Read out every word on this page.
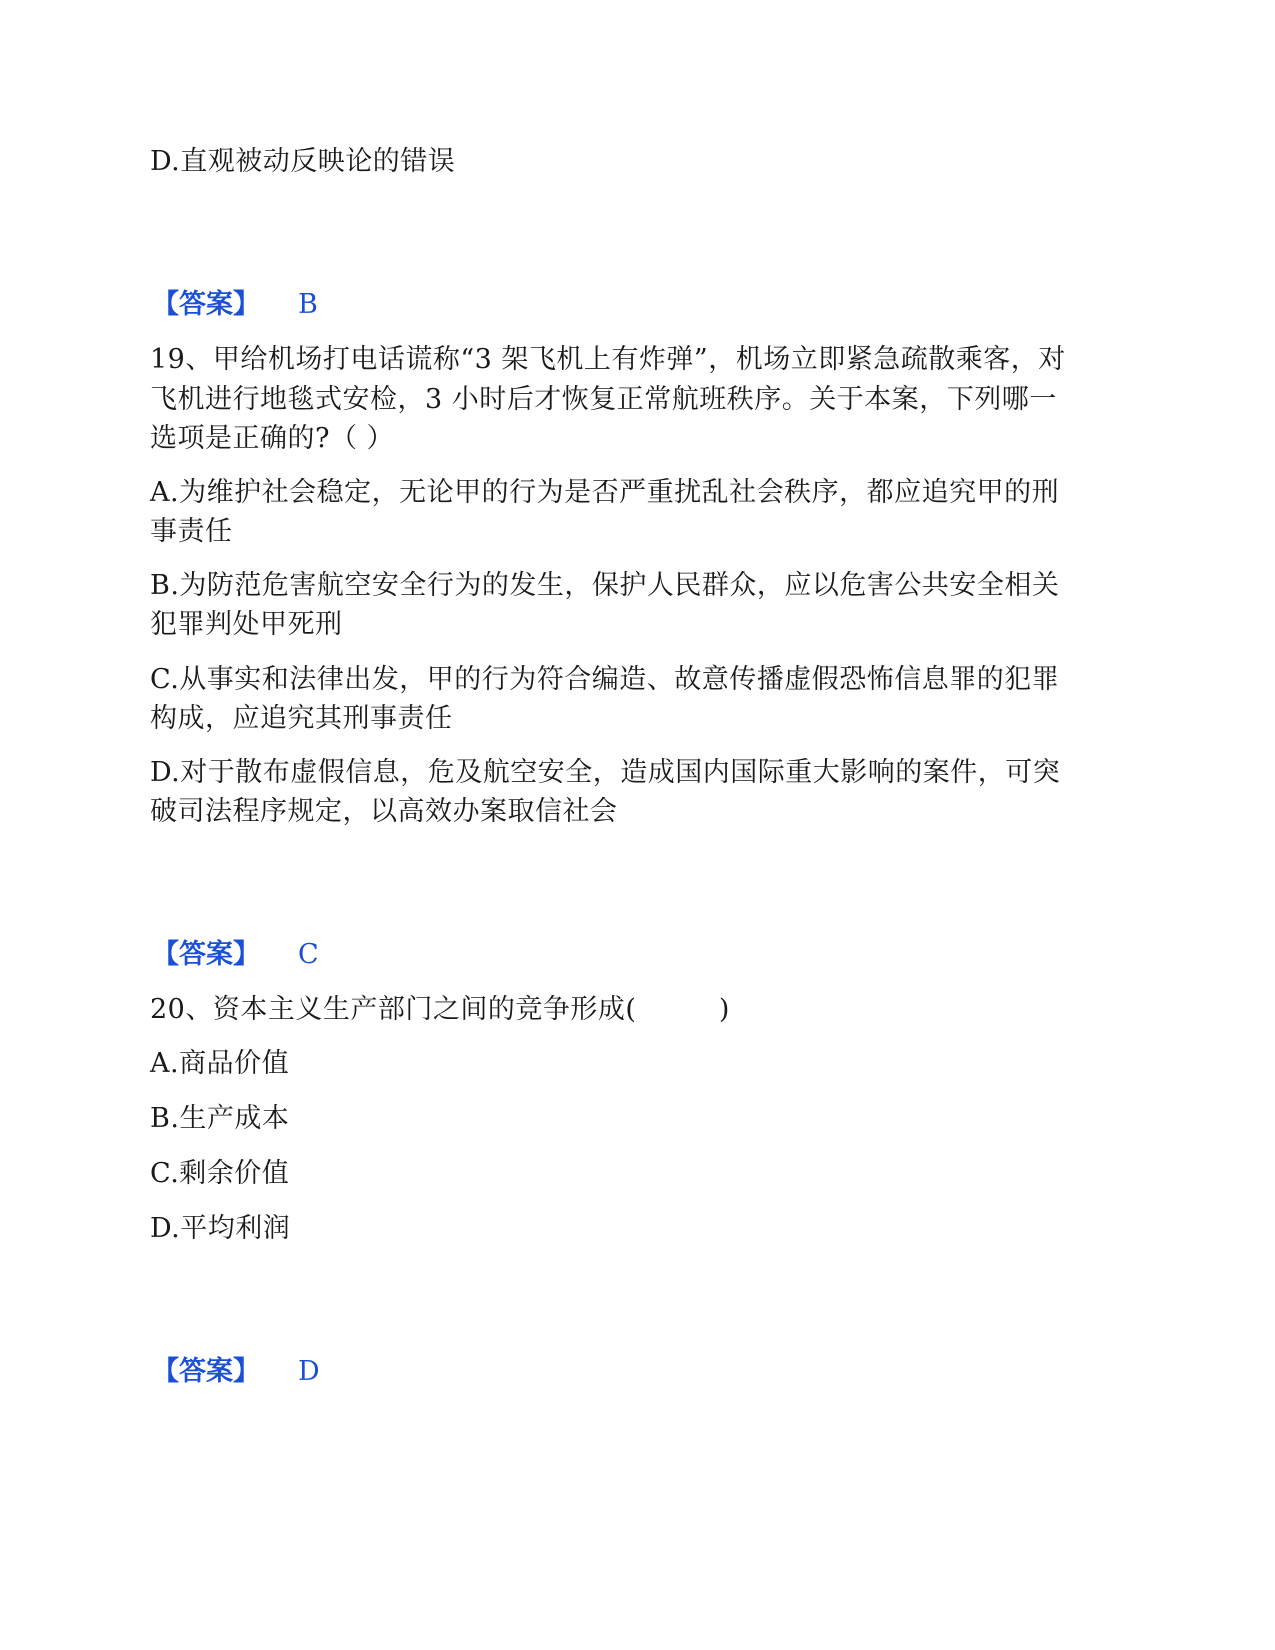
D.直观被动反映论的错误
【答案】 B
19、甲给机场打电话谎称“3 架飞机上有炸弹”，机场立即紧急疏散乘客，对
飞机进行地毯式安检，3 小时后才恢复正常航班秩序。关于本案，下列哪一
选项是正确的?（ ）
A.为维护社会稳定，无论甲的行为是否严重扰乱社会秩序，都应追究甲的刑
事责任
B.为防范危害航空安全行为的发生，保护人民群众，应以危害公共安全相关
犯罪判处甲死刑
C.从事实和法律出发，甲的行为符合编造、故意传播虚假恐怖信息罪的犯罪
构成，应追究其刑事责任
D.对于散布虚假信息，危及航空安全，造成国内国际重大影响的案件，可突
破司法程序规定，以高效办案取信社会
【答案】 C
20、资本主义生产部门之间的竞争形成(　　　)
A.商品价值
B.生产成本
C.剩余价值
D.平均利润
【答案】 D
